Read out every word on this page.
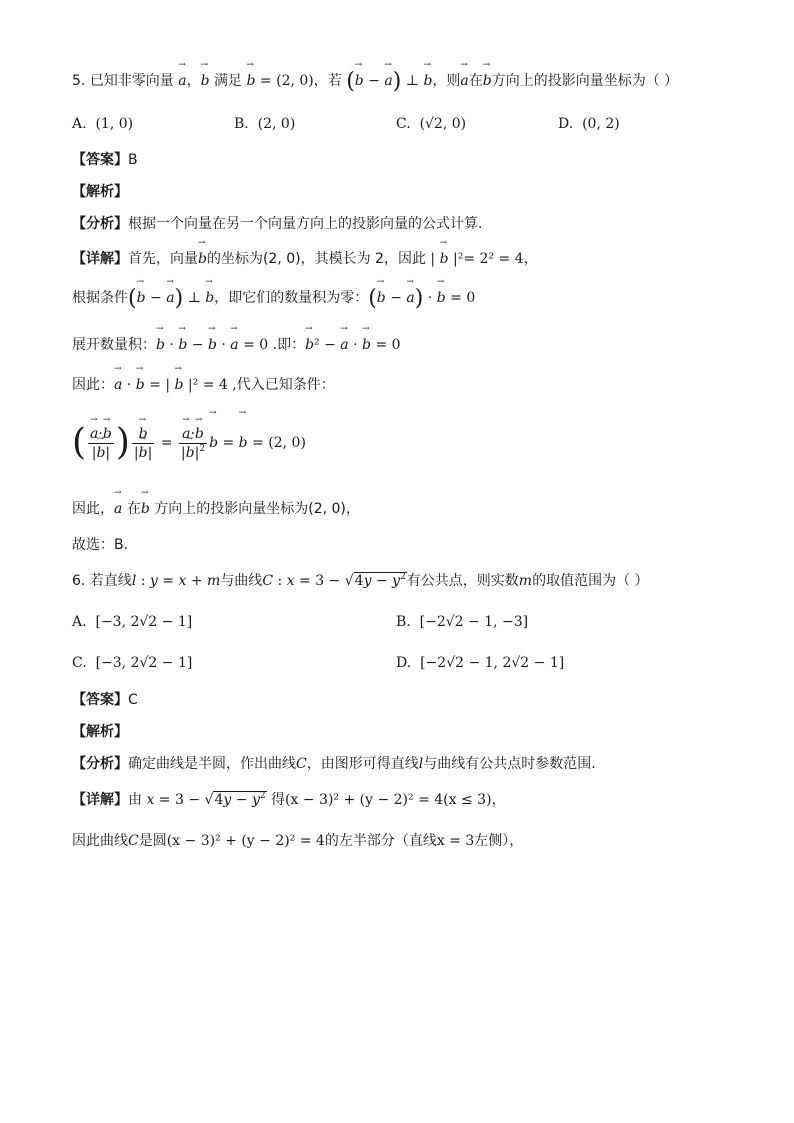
5. 已知非零向量 → a，→ b 满足 → b = (2, 0)，若 (→ b − → a) ⊥ → b，则→ a在→ b方向上的投影向量坐标为（ ）
A. (1, 0)	B. (2, 0)	C. (√2, 0)	D. (0, 2)
【答案】B
【解析】
【分析】根据一个向量在另一个向量方向上的投影向量的公式计算.
【详解】首先，向量→ b的坐标为(2, 0)，其模长为 2，因此 | → b |²= 2² = 4，
根据条件(→ b − → a) ⊥ → b，即它们的数量积为零：(→ b − → a) · → b = 0
展开数量积：→ b · → b − → b · → a = 0 .即：→ b² − → a · → b = 0
因此：→ a · → b = | → b |² = 4 ,代入已知条件：
(
→ $\frac{a\cdot\to b}{|\to b|}$ )
→ $\frac{b}{|\to b|}$ =
→ $\frac{a\cdot\to b}{|\to b|^2}$
→ b = → b = (2, 0)
因此，→ a 在→ b 方向上的投影向量坐标为(2, 0)，
故选：B.
6. 若直线l : y = x + m与曲线C : $x = 3 - √4y - y^2$有公共点，则实数m的取值范围为（ ）
A. [−3, 2√2 − 1]	B. [−2√2 − 1, −3]
C. [−3, 2√2 − 1]	D. [−2√2 − 1, 2√2 − 1]
【答案】C
【解析】
【分析】确定曲线是半圆，作出曲线C，由图形可得直线l与曲线有公共点时参数范围.
【详解】由 $x = 3 - √4y - y^2$ 得(x − 3)² + (y − 2)² = 4(x ≤ 3)，
因此曲线C是圆(x − 3)² + (y − 2)² = 4的左半部分（直线x = 3左侧），
